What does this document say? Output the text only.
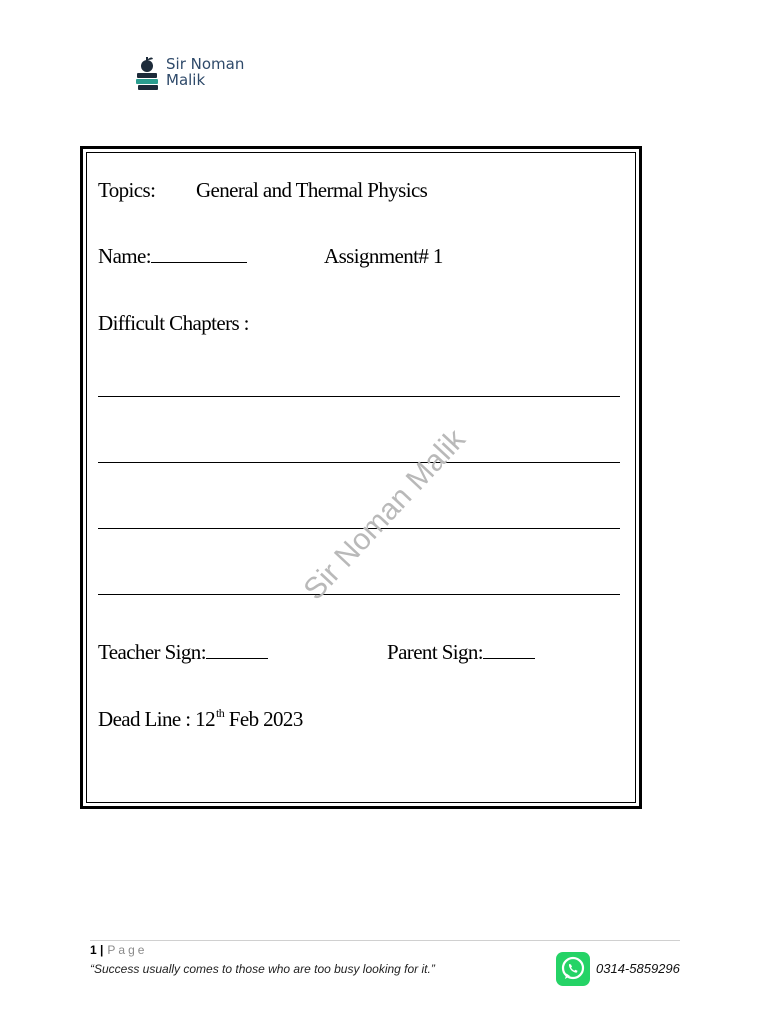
Sir Noman
Malik
Topics: General and Thermal Physics
Name:	Assignment# 1
Difficult Chapters :
Teacher Sign:	Parent Sign:
Dead Line : 12th Feb 2023
Sir Noman Malik
1 | Page
“Success usually comes to those who are too busy looking for it.”	0314-5859296
